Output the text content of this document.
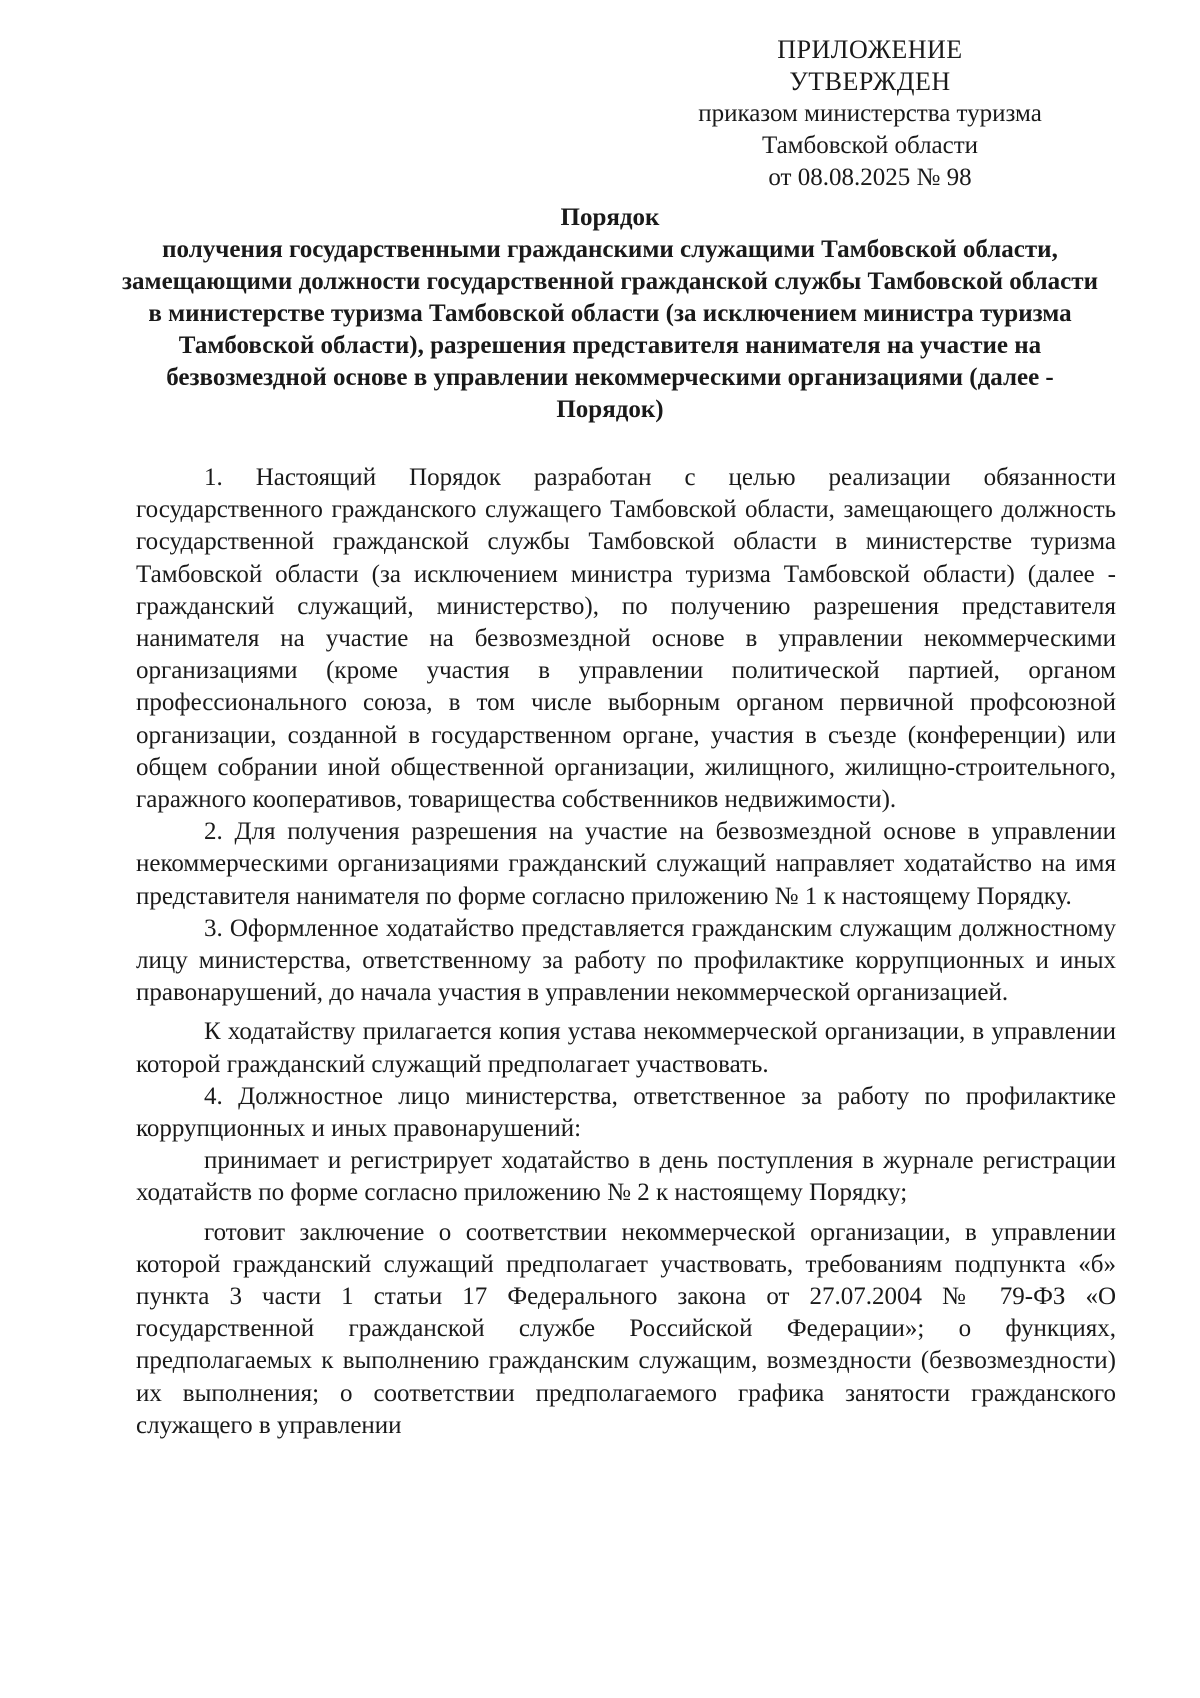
ПРИЛОЖЕНИЕ
УТВЕРЖДЕН
приказом министерства туризма
Тамбовской области
от 08.08.2025 № 98
Порядок
получения государственными гражданскими служащими Тамбовской области, замещающими должности государственной гражданской службы Тамбовской области в министерстве туризма Тамбовской области (за исключением министра туризма Тамбовской области), разрешения представителя нанимателя на участие на безвозмездной основе в управлении некоммерческими организациями (далее - Порядок)

1. Настоящий Порядок разработан с целью реализации обязанности государственного гражданского служащего Тамбовской области, замещающего должность государственной гражданской службы Тамбовской области в министерстве туризма Тамбовской области (за исключением министра туризма Тамбовской области) (далее - гражданский служащий, министерство), по получению разрешения представителя нанимателя на участие на безвозмездной основе в управлении некоммерческими организациями (кроме участия в управлении политической партией, органом профессионального союза, в том числе выборным органом первичной профсоюзной организации, созданной в государственном органе, участия в съезде (конференции) или общем собрании иной общественной организации, жилищного, жилищно-строительного, гаражного кооперативов, товарищества собственников недвижимости).

2. Для получения разрешения на участие на безвозмездной основе в управлении некоммерческими организациями гражданский служащий направляет ходатайство на имя представителя нанимателя по форме согласно приложению № 1 к настоящему Порядку.

3. Оформленное ходатайство представляется гражданским служащим должностному лицу министерства, ответственному за работу по профилактике коррупционных и иных правонарушений, до начала участия в управлении некоммерческой организацией.

К ходатайству прилагается копия устава некоммерческой организации, в управлении которой гражданский служащий предполагает участвовать.

4. Должностное лицо министерства, ответственное за работу по профилактике коррупционных и иных правонарушений:

принимает и регистрирует ходатайство в день поступления в журнале регистрации ходатайств по форме согласно приложению № 2 к настоящему Порядку;

готовит заключение о соответствии некоммерческой организации, в управлении которой гражданский служащий предполагает участвовать, требованиям подпункта «б» пункта 3 части 1 статьи 17 Федерального закона от 27.07.2004 № 79-ФЗ «О государственной гражданской службе Российской Федерации»; о функциях, предполагаемых к выполнению гражданским служащим, возмездности (безвозмездности) их выполнения; о соответствии предполагаемого графика занятости гражданского служащего в управлении
